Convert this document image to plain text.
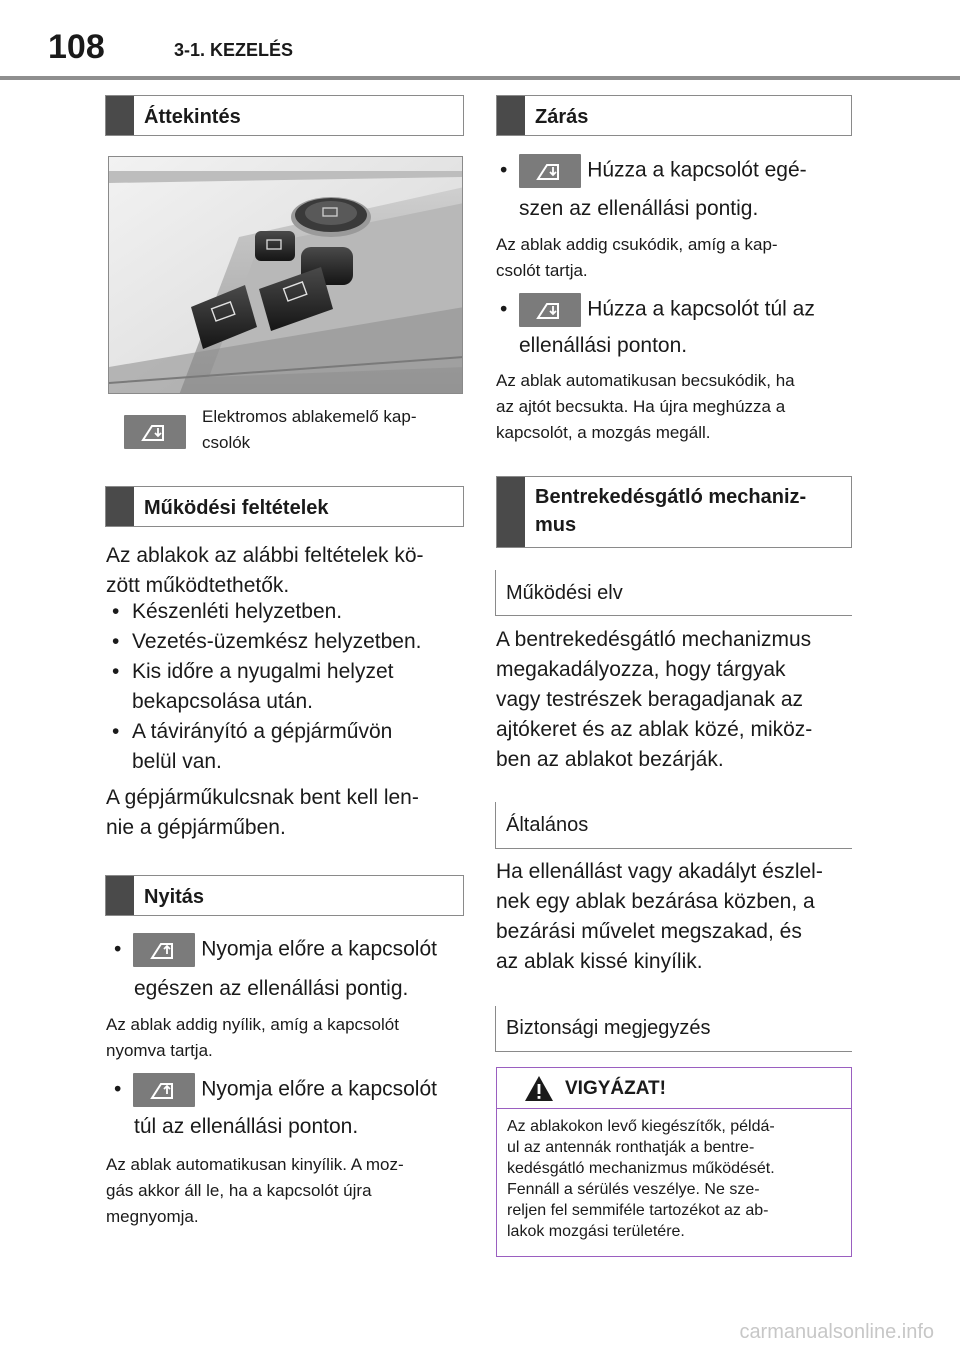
108	3-1. KEZELÉS
Áttekintés
Elektromos ablakemelő kap-
csolók
Működési feltételek
Az ablakok az alábbi feltételek kö-
zött működtethetők.
• Készenléti helyzetben.
• Vezetés-üzemkész helyzetben.
• Kis időre a nyugalmi helyzet
bekapcsolása után.
• A távirányító a gépjárművön
belül van.
A gépjárműkulcsnak bent kell len-
nie a gépjárműben.
Nyitás
•	Nyomja előre a kapcsolót
egészen az ellenállási pontig.
Az ablak addig nyílik, amíg a kapcsolót
nyomva tartja.
•	Nyomja előre a kapcsolót
túl az ellenállási ponton.
Az ablak automatikusan kinyílik. A moz-
gás akkor áll le, ha a kapcsolót újra
megnyomja.
Zárás
•	Húzza a kapcsolót egé-
szen az ellenállási pontig.
Az ablak addig csukódik, amíg a kap-
csolót tartja.
•	Húzza a kapcsolót túl az
ellenállási ponton.
Az ablak automatikusan becsukódik, ha
az ajtót becsukta. Ha újra meghúzza a
kapcsolót, a mozgás megáll.
Bentrekedésgátló mechaniz-
mus
Működési elv
A bentrekedésgátló mechanizmus
megakadályozza, hogy tárgyak
vagy testrészek beragadjanak az
ajtókeret és az ablak közé, miköz-
ben az ablakot bezárják.
Általános
Ha ellenállást vagy akadályt észlel-
nek egy ablak bezárása közben, a
bezárási művelet megszakad, és
az ablak kissé kinyílik.
Biztonsági megjegyzés
VIGYÁZAT!
Az ablakokon levő kiegészítők, példá-
ul az antennák ronthatják a bentre-
kedésgátló mechanizmus működését.
Fennáll a sérülés veszélye. Ne sze-
reljen fel semmiféle tartozékot az ab-
lakok mozgási területére.
carmanualsonline.info
